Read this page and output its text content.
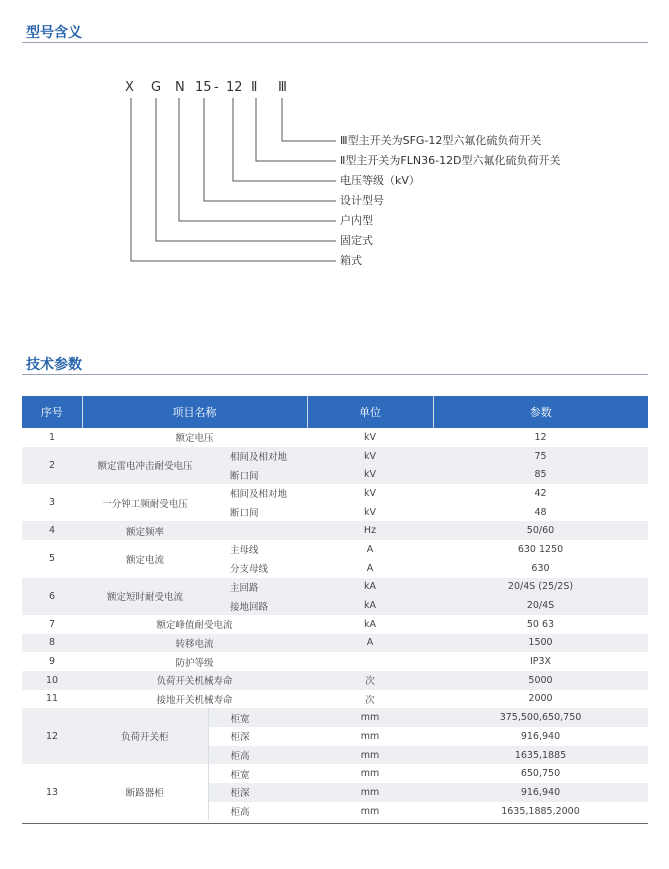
型号含义
X G N 15 - 12 Ⅱ Ⅲ
Ⅲ型主开关为SFG-12型六氟化硫负荷开关
Ⅱ型主开关为FLN36-12D型六氟化硫负荷开关
电压等级（kV）
设计型号
户内型
固定式
箱式
技术参数
序号	项目名称		单位	参数
1	额定电压		kV	12
2	额定雷电冲击耐受电压	相间及相对地	kV	75
		断口间	kV	85
3	一分钟工频耐受电压	相间及相对地	kV	42
		断口间	kV	48
4	额定频率		Hz	50/60
5	额定电流	主母线	A	630 1250
		分支母线	A	630
6	额定短时耐受电流	主回路	kA	20/4S (25/2S)
		接地回路	kA	20/4S
7	额定峰值耐受电流		kA	50 63
8	转移电流		A	1500
9	防护等级			IP3X
10	负荷开关机械寿命		次	5000
11	接地开关机械寿命		次	2000
12	负荷开关柜	柜宽	mm	375,500,650,750
		柜深	mm	916,940
		柜高	mm	1635,1885
13	断路器柜	柜宽	mm	650,750
		柜深	mm	916,940
		柜高	mm	1635,1885,2000
